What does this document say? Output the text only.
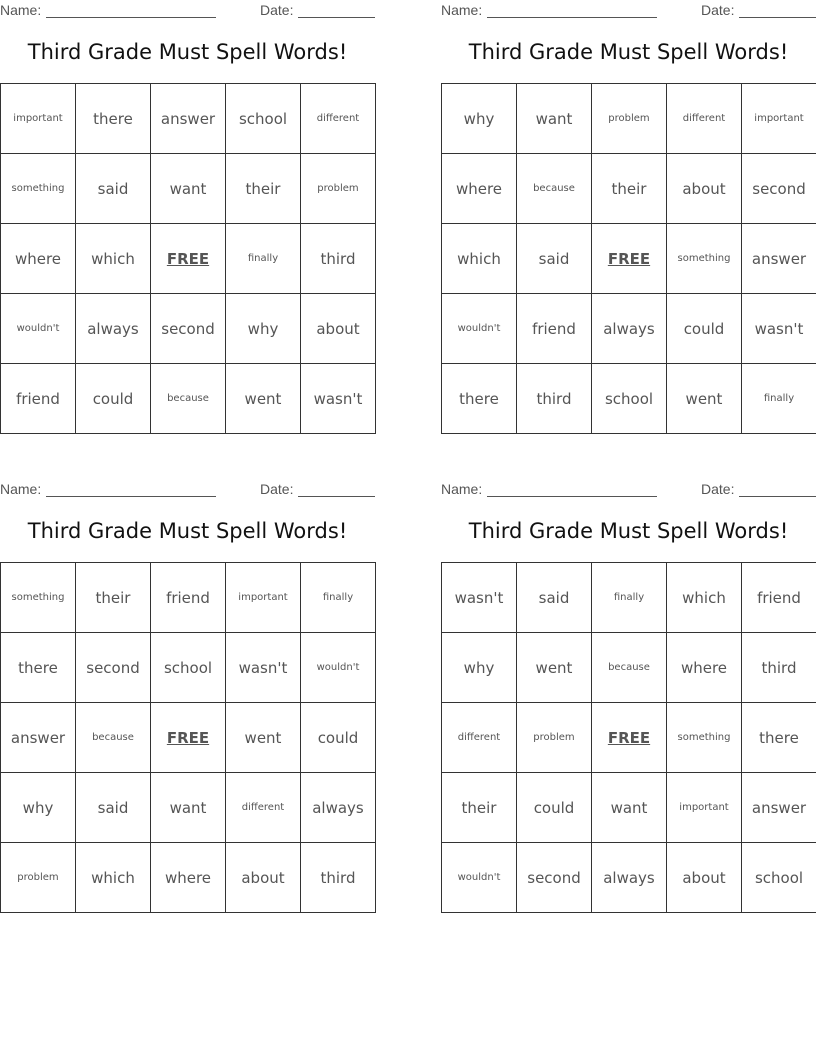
Name:	Date:
Third Grade Must Spell Words!
important	there	answer	school	different
something	said	want	their	problem
where	which	FREE	finally	third
wouldn't	always	second	why	about
friend	could	because	went	wasn't
Name:	Date:
Third Grade Must Spell Words!
why	want	problem	different	important
where	because	their	about	second
which	said	FREE	something	answer
wouldn't	friend	always	could	wasn't
there	third	school	went	finally
Name:	Date:
Third Grade Must Spell Words!
something	their	friend	important	finally
there	second	school	wasn't	wouldn't
answer	because	FREE	went	could
why	said	want	different	always
problem	which	where	about	third
Name:	Date:
Third Grade Must Spell Words!
wasn't	said	finally	which	friend
why	went	because	where	third
different	problem	FREE	something	there
their	could	want	important	answer
wouldn't	second	always	about	school
